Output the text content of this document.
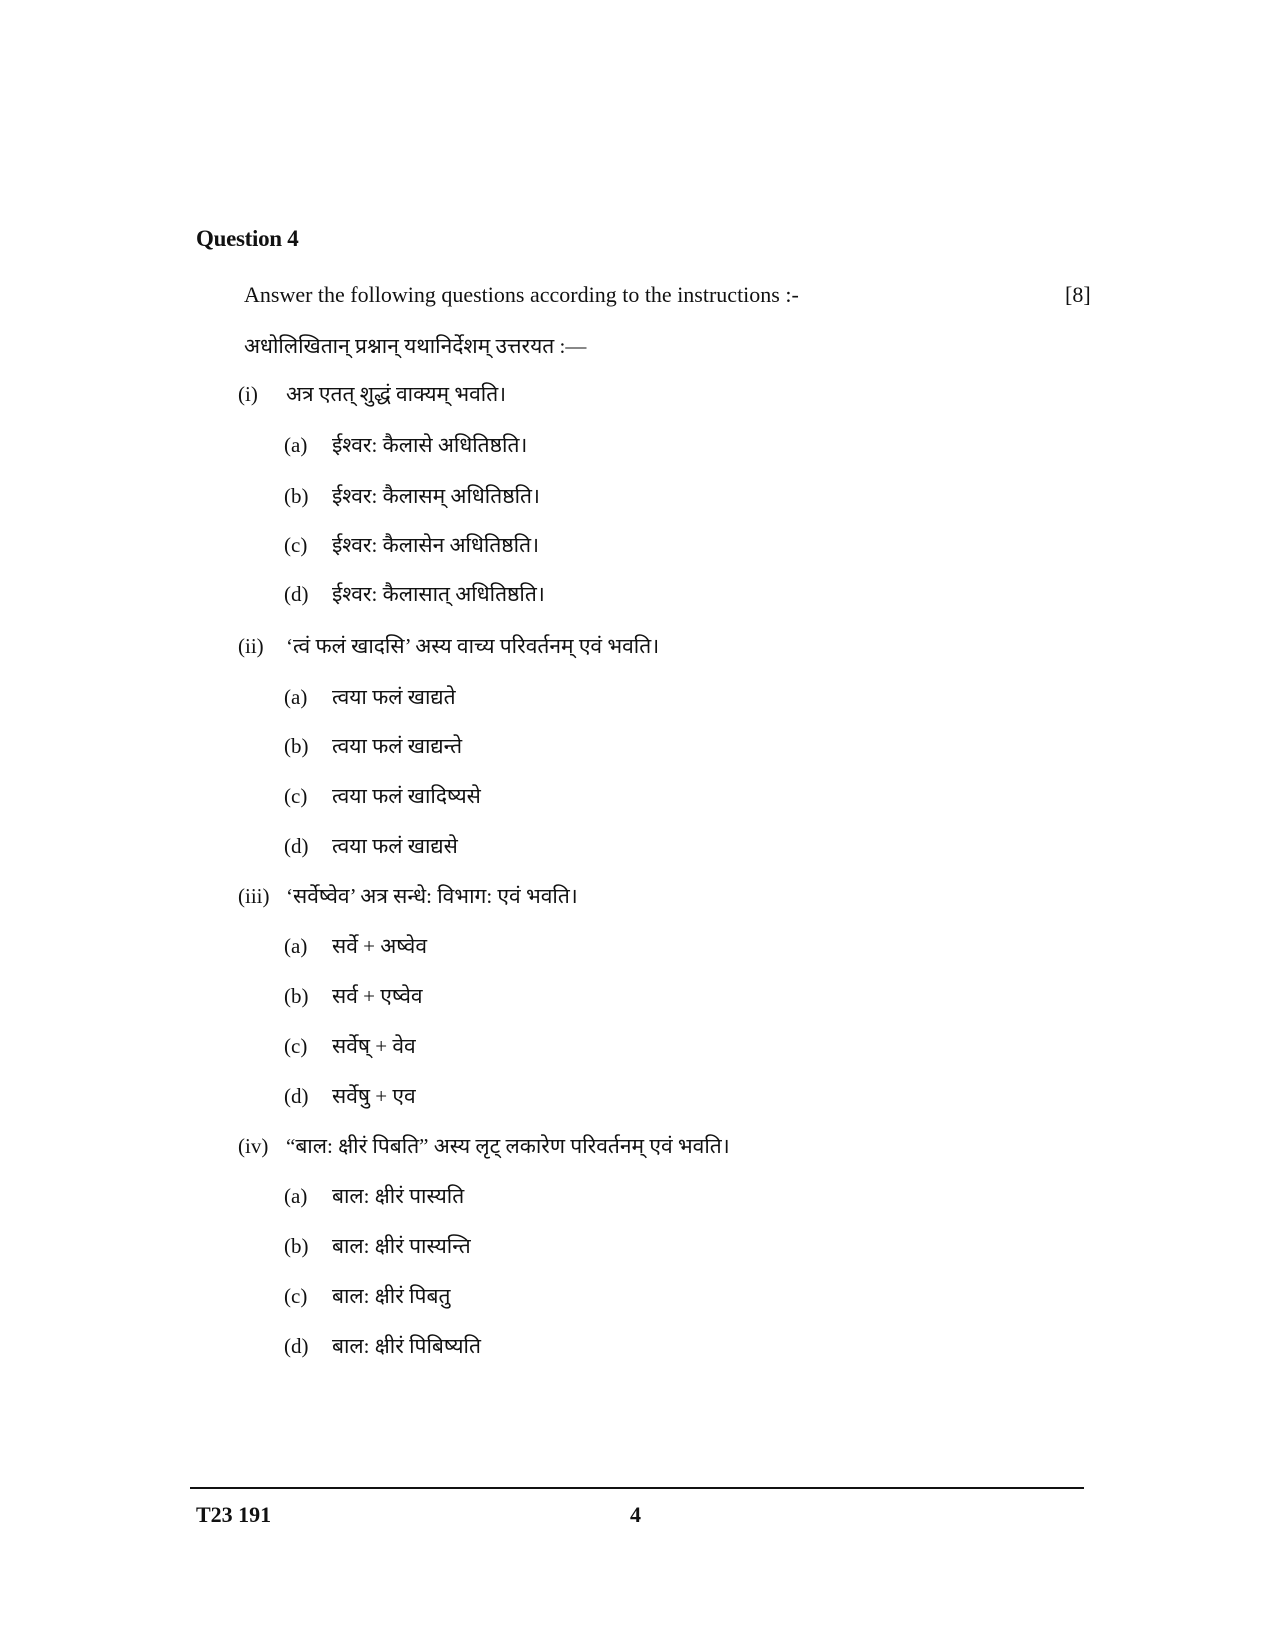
Question 4
Answer the following questions according to the instructions :-	[8]
अधोलिखितान् प्रश्नान् यथानिर्देशम् उत्तरयत :—
(i) अत्र एतत् शुद्धं वाक्यम् भवति।
(a) ईश्वर: कैलासे अधितिष्ठति।
(b) ईश्वर: कैलासम् अधितिष्ठति।
(c) ईश्वर: कैलासेन अधितिष्ठति।
(d) ईश्वर: कैलासात् अधितिष्ठति।
(ii) ‘त्वं फलं खादसि’ अस्य वाच्य परिवर्तनम् एवं भवति।
(a) त्वया फलं खाद्यते
(b) त्वया फलं खाद्यन्ते
(c) त्वया फलं खादिष्यसे
(d) त्वया फलं खाद्यसे
(iii) ‘सर्वेष्वेव’ अत्र सन्धे: विभाग: एवं भवति।
(a) सर्वे + अष्वेव
(b) सर्व + एष्वेव
(c) सर्वेष् + वेव
(d) सर्वेषु + एव
(iv) “बाल: क्षीरं पिबति” अस्य लृट् लकारेण परिवर्तनम् एवं भवति।
(a) बाल: क्षीरं पास्यति
(b) बाल: क्षीरं पास्यन्ति
(c) बाल: क्षीरं पिबतु
(d) बाल: क्षीरं पिबिष्यति
T23 191	4
